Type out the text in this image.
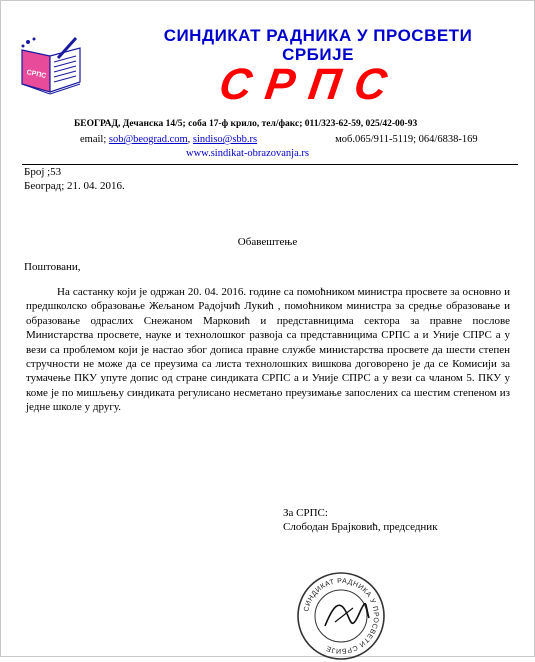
СРПС
СИНДИКАТ РАДНИКА У ПРОСВЕТИ
СРБИЈЕ
СРПС
БЕОГРАД, Дечанска 14/5; соба 17-ф крило, тел/факс; 011/323-62-59, 025/42-00-93
email; sob@beograd.com, sindiso@sbb.rs	моб.065/911-5119; 064/6838-169
www.sindikat-obrazovanja.rs
Број ;53
Београд; 21. 04. 2016.
Обавештење
Поштовани,
На састанку који је одржан 20. 04. 2016. године са помоћником министра просвете за основно и предшколско образовање Жељаном Радојчић Лукић , помоћником министра за средње образовање и образовање одраслих Снежаном Марковић и представницима сектора за правне послове Министарства просвете, науке и технолошког развоја са представницима СРПС а и Уније СПРС а у вези са проблемом који је настао због дописа правне службе министарства просвете да шести степен стручности не може да се преузима са листа технолошких вишкова договорено је да се Комисији за тумачење ПКУ упуте допис од стране синдиката СРПС а и Уније СПРС а у вези са чланом 5. ПКУ у коме је по мишљењу синдиката регулисано несметано преузимање запослених са шестим степеном из једне школе у другу.
За СРПС:
Слободан Брајковић, председник
СИНДИКАТ РАДНИКА У ПРОСВЕТИ СРБИЈЕ
